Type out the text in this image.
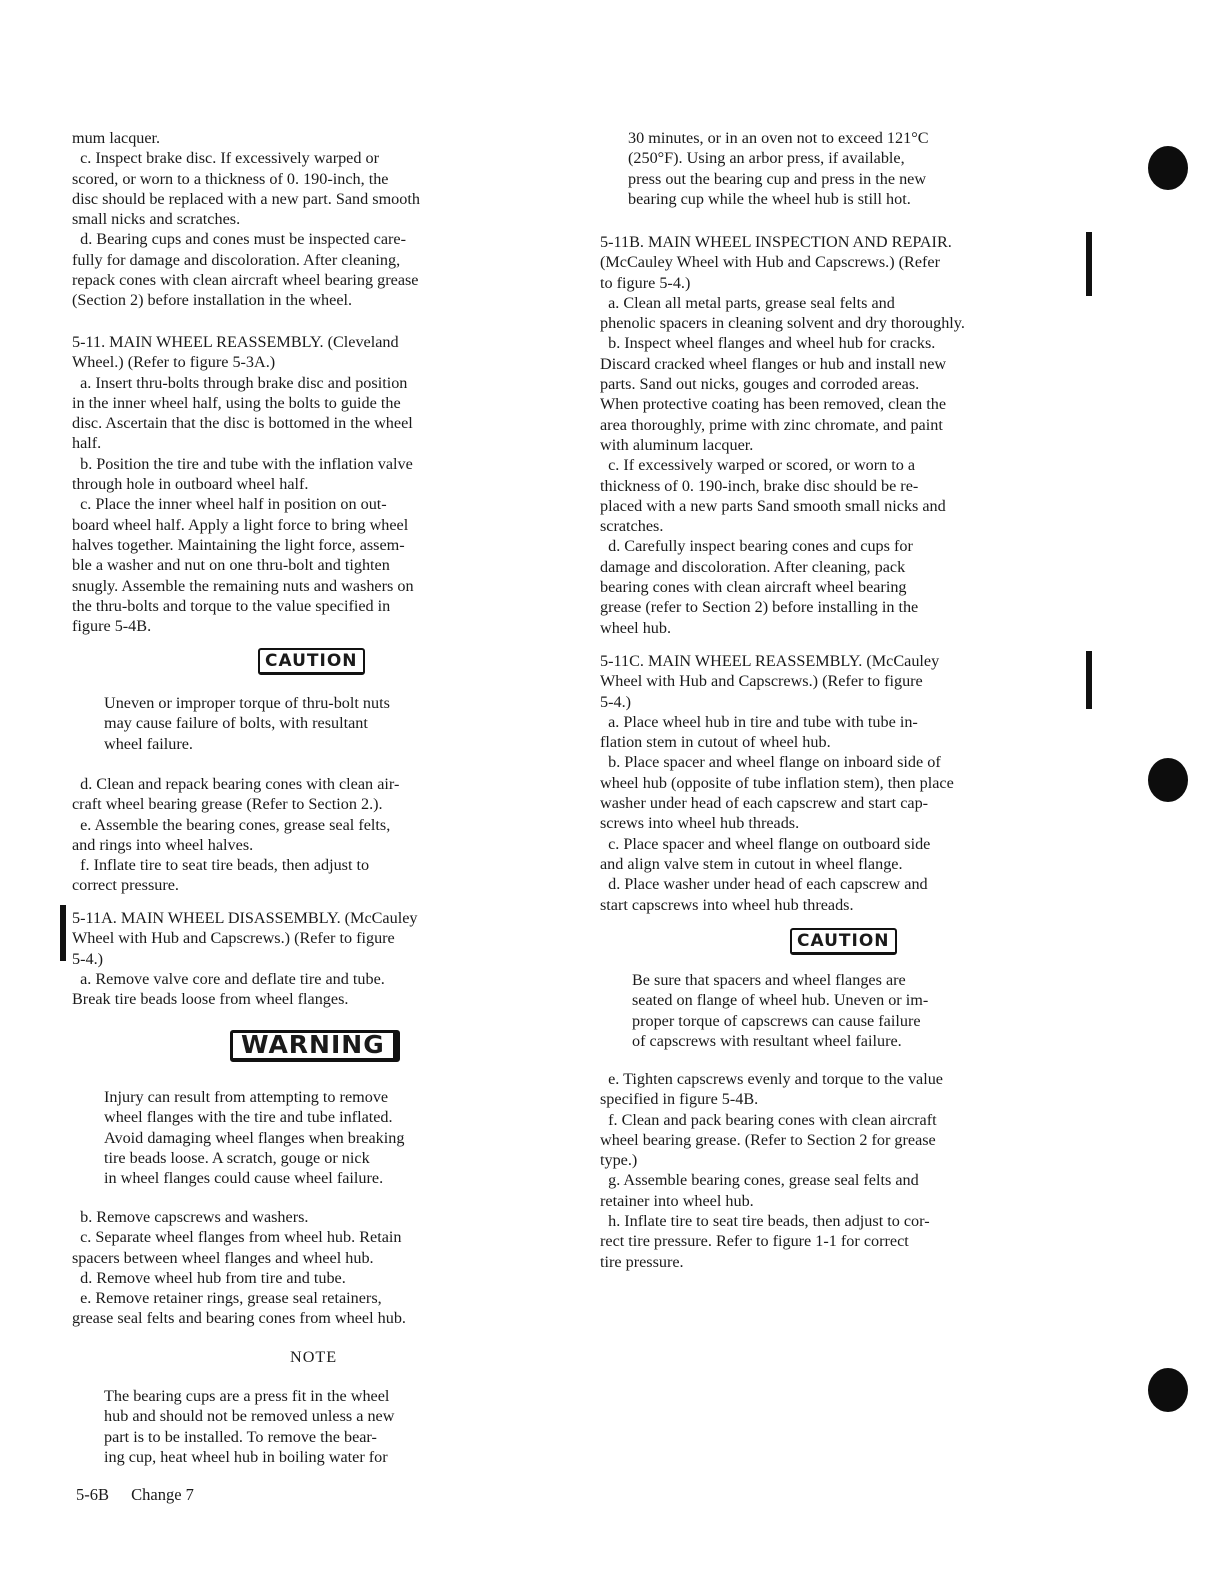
mum lacquer.
c. Inspect brake disc. If excessively warped or
scored, or worn to a thickness of 0. 190-inch, the
disc should be replaced with a new part. Sand smooth
small nicks and scratches.
d. Bearing cups and cones must be inspected care-
fully for damage and discoloration. After cleaning,
repack cones with clean aircraft wheel bearing grease
(Section 2) before installation in the wheel.
5-11. MAIN WHEEL REASSEMBLY. (Cleveland
Wheel.) (Refer to figure 5-3A.)
a. Insert thru-bolts through brake disc and position
in the inner wheel half, using the bolts to guide the
disc. Ascertain that the disc is bottomed in the wheel
half.
b. Position the tire and tube with the inflation valve
through hole in outboard wheel half.
c. Place the inner wheel half in position on out-
board wheel half. Apply a light force to bring wheel
halves together. Maintaining the light force, assem-
ble a washer and nut on one thru-bolt and tighten
snugly. Assemble the remaining nuts and washers on
the thru-bolts and torque to the value specified in
figure 5-4B.
CAUTION
Uneven or improper torque of thru-bolt nuts
may cause failure of bolts, with resultant
wheel failure.
d. Clean and repack bearing cones with clean air-
craft wheel bearing grease (Refer to Section 2.).
e. Assemble the bearing cones, grease seal felts,
and rings into wheel halves.
f. Inflate tire to seat tire beads, then adjust to
correct pressure.
5-11A. MAIN WHEEL DISASSEMBLY. (McCauley
Wheel with Hub and Capscrews.) (Refer to figure
5-4.)
a. Remove valve core and deflate tire and tube.
Break tire beads loose from wheel flanges.
WARNING
Injury can result from attempting to remove
wheel flanges with the tire and tube inflated.
Avoid damaging wheel flanges when breaking
tire beads loose. A scratch, gouge or nick
in wheel flanges could cause wheel failure.
b. Remove capscrews and washers.
c. Separate wheel flanges from wheel hub. Retain
spacers between wheel flanges and wheel hub.
d. Remove wheel hub from tire and tube.
e. Remove retainer rings, grease seal retainers,
grease seal felts and bearing cones from wheel hub.
NOTE
The bearing cups are a press fit in the wheel
hub and should not be removed unless a new
part is to be installed. To remove the bear-
ing cup, heat wheel hub in boiling water for
30 minutes, or in an oven not to exceed 121°C
(250°F). Using an arbor press, if available,
press out the bearing cup and press in the new
bearing cup while the wheel hub is still hot.
5-11B. MAIN WHEEL INSPECTION AND REPAIR.
(McCauley Wheel with Hub and Capscrews.) (Refer
to figure 5-4.)
a. Clean all metal parts, grease seal felts and
phenolic spacers in cleaning solvent and dry thoroughly.
b. Inspect wheel flanges and wheel hub for cracks.
Discard cracked wheel flanges or hub and install new
parts. Sand out nicks, gouges and corroded areas.
When protective coating has been removed, clean the
area thoroughly, prime with zinc chromate, and paint
with aluminum lacquer.
c. If excessively warped or scored, or worn to a
thickness of 0. 190-inch, brake disc should be re-
placed with a new parts Sand smooth small nicks and
scratches.
d. Carefully inspect bearing cones and cups for
damage and discoloration. After cleaning, pack
bearing cones with clean aircraft wheel bearing
grease (refer to Section 2) before installing in the
wheel hub.
5-11C. MAIN WHEEL REASSEMBLY. (McCauley
Wheel with Hub and Capscrews.) (Refer to figure
5-4.)
a. Place wheel hub in tire and tube with tube in-
flation stem in cutout of wheel hub.
b. Place spacer and wheel flange on inboard side of
wheel hub (opposite of tube inflation stem), then place
washer under head of each capscrew and start cap-
screws into wheel hub threads.
c. Place spacer and wheel flange on outboard side
and align valve stem in cutout in wheel flange.
d. Place washer under head of each capscrew and
start capscrews into wheel hub threads.
CAUTION
Be sure that spacers and wheel flanges are
seated on flange of wheel hub. Uneven or im-
proper torque of capscrews can cause failure
of capscrews with resultant wheel failure.
e. Tighten capscrews evenly and torque to the value
specified in figure 5-4B.
f. Clean and pack bearing cones with clean aircraft
wheel bearing grease. (Refer to Section 2 for grease
type.)
g. Assemble bearing cones, grease seal felts and
retainer into wheel hub.
h. Inflate tire to seat tire beads, then adjust to cor-
rect tire pressure. Refer to figure 1-1 for correct
tire pressure.
5-6B Change 7
